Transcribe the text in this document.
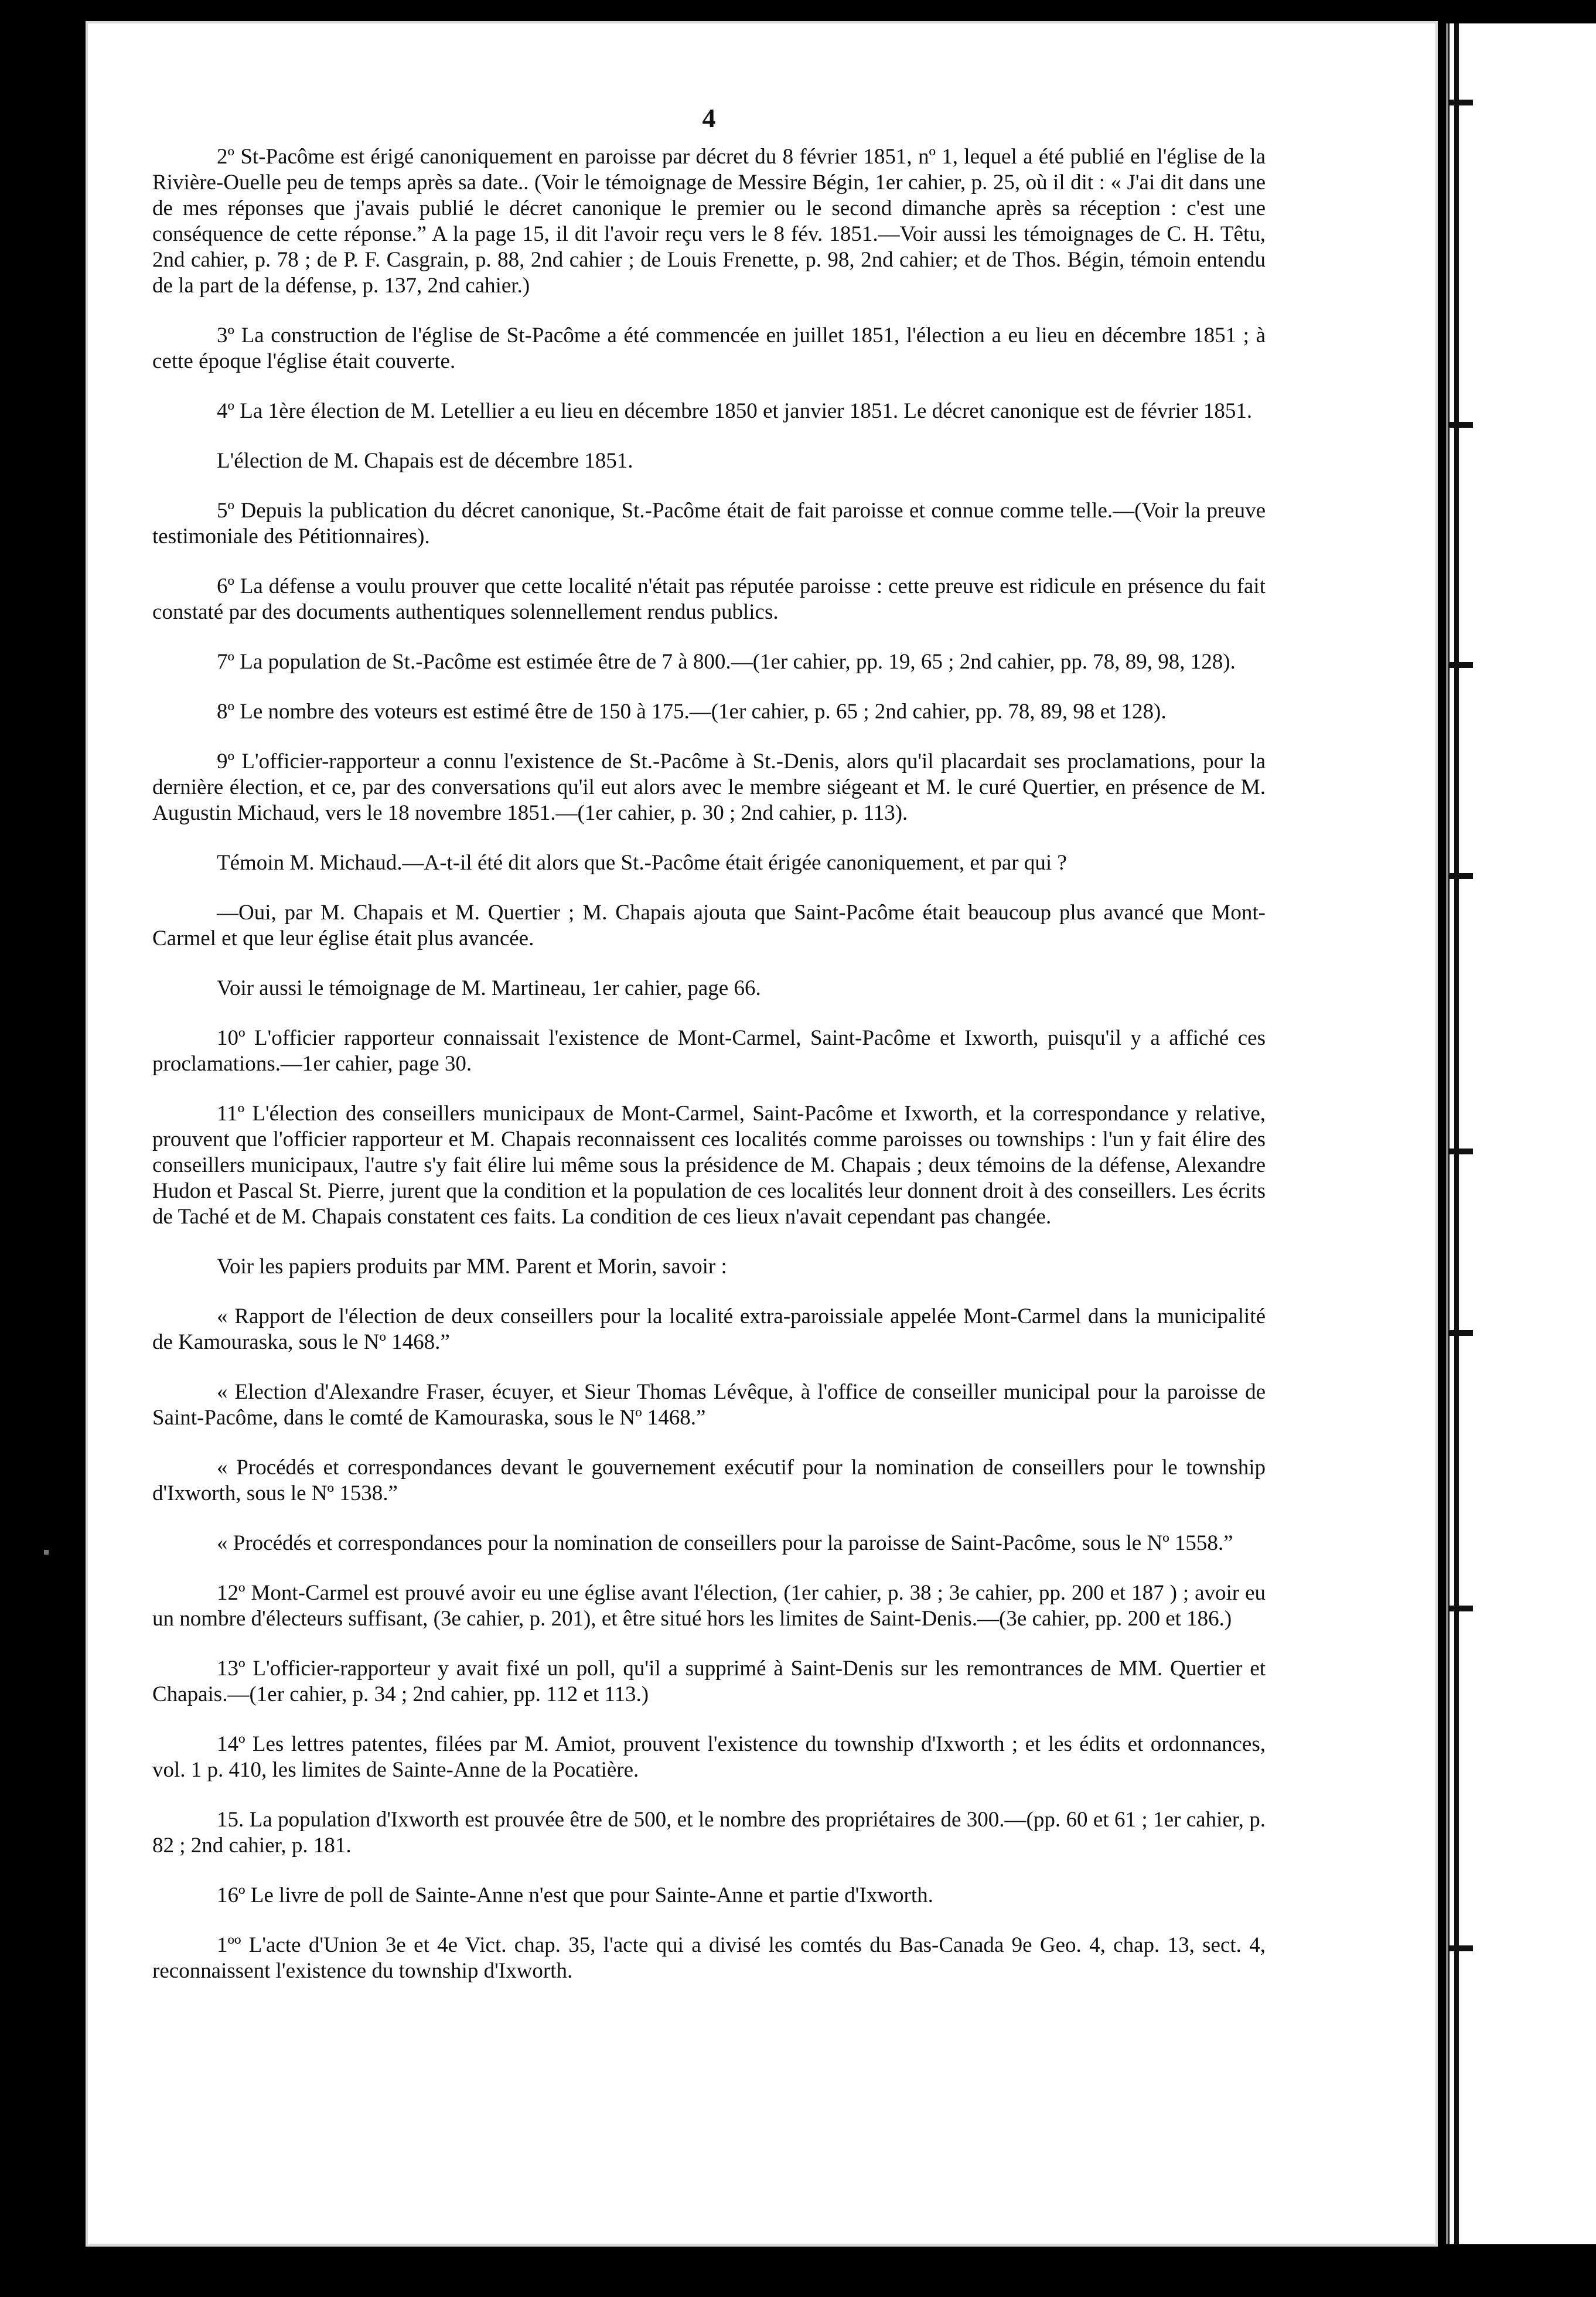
4

2º St-Pacôme est érigé canoniquement en paroisse par décret du 8 février 1851, nº 1, lequel a été publié en l'église de la Rivière-Ouelle peu de temps après sa date.. (Voir le témoignage de Messire Bégin, 1er cahier, p. 25, où il dit : « J'ai dit dans une de mes réponses que j'avais publié le décret canonique le premier ou le second dimanche après sa réception : c'est une conséquence de cette réponse.” A la page 15, il dit l'avoir reçu vers le 8 fév. 1851.—Voir aussi les témoignages de C. H. Têtu, 2nd cahier, p. 78 ; de P. F. Casgrain, p. 88, 2nd cahier ; de Louis Frenette, p. 98, 2nd cahier; et de Thos. Bégin, témoin entendu de la part de la défense, p. 137, 2nd cahier.)

3º La construction de l'église de St-Pacôme a été commencée en juillet 1851, l'élection a eu lieu en décembre 1851 ; à cette époque l'église était couverte.

4º La 1ère élection de M. Letellier a eu lieu en décembre 1850 et janvier 1851. Le décret canonique est de février 1851.

L'élection de M. Chapais est de décembre 1851.

5º Depuis la publication du décret canonique, St.-Pacôme était de fait paroisse et connue comme telle.—(Voir la preuve testimoniale des Pétitionnaires).

6º La défense a voulu prouver que cette localité n'était pas réputée paroisse : cette preuve est ridicule en présence du fait constaté par des documents authentiques solennellement rendus publics.

7º La population de St.-Pacôme est estimée être de 7 à 800.—(1er cahier, pp. 19, 65 ; 2nd cahier, pp. 78, 89, 98, 128).

8º Le nombre des voteurs est estimé être de 150 à 175.—(1er cahier, p. 65 ; 2nd cahier, pp. 78, 89, 98 et 128).

9º L'officier-rapporteur a connu l'existence de St.-Pacôme à St.-Denis, alors qu'il placardait ses proclamations, pour la dernière élection, et ce, par des conversations qu'il eut alors avec le membre siégeant et M. le curé Quertier, en présence de M. Augustin Michaud, vers le 18 novembre 1851.—(1er cahier, p. 30 ; 2nd cahier, p. 113).

Témoin M. Michaud.—A-t-il été dit alors que St.-Pacôme était érigée canoniquement, et par qui ?

—Oui, par M. Chapais et M. Quertier ; M. Chapais ajouta que Saint-Pacôme était beaucoup plus avancé que Mont-Carmel et que leur église était plus avancée.

Voir aussi le témoignage de M. Martineau, 1er cahier, page 66.

10º L'officier rapporteur connaissait l'existence de Mont-Carmel, Saint-Pacôme et Ixworth, puisqu'il y a affiché ces proclamations.—1er cahier, page 30.

11º L'élection des conseillers municipaux de Mont-Carmel, Saint-Pacôme et Ixworth, et la correspondance y relative, prouvent que l'officier rapporteur et M. Chapais reconnaissent ces localités comme paroisses ou townships : l'un y fait élire des conseillers municipaux, l'autre s'y fait élire lui même sous la présidence de M. Chapais ; deux témoins de la défense, Alexandre Hudon et Pascal St. Pierre, jurent que la condition et la population de ces localités leur donnent droit à des conseillers. Les écrits de Taché et de M. Chapais constatent ces faits. La condition de ces lieux n'avait cependant pas changée.

Voir les papiers produits par MM. Parent et Morin, savoir :

« Rapport de l'élection de deux conseillers pour la localité extra-paroissiale appelée Mont-Carmel dans la municipalité de Kamouraska, sous le Nº 1468.”

« Election d'Alexandre Fraser, écuyer, et Sieur Thomas Lévêque, à l'office de conseiller municipal pour la paroisse de Saint-Pacôme, dans le comté de Kamouraska, sous le Nº 1468.”

« Procédés et correspondances devant le gouvernement exécutif pour la nomination de conseillers pour le township d'Ixworth, sous le Nº 1538.”

« Procédés et correspondances pour la nomination de conseillers pour la paroisse de Saint-Pacôme, sous le Nº 1558.”

12º Mont-Carmel est prouvé avoir eu une église avant l'élection, (1er cahier, p. 38 ; 3e cahier, pp. 200 et 187 ) ; avoir eu un nombre d'électeurs suffisant, (3e cahier, p. 201), et être situé hors les limites de Saint-Denis.—(3e cahier, pp. 200 et 186.)

13º L'officier-rapporteur y avait fixé un poll, qu'il a supprimé à Saint-Denis sur les remontrances de MM. Quertier et Chapais.—(1er cahier, p. 34 ; 2nd cahier, pp. 112 et 113.)

14º Les lettres patentes, filées par M. Amiot, prouvent l'existence du township d'Ixworth ; et les édits et ordonnances, vol. 1 p. 410, les limites de Sainte-Anne de la Pocatière.

15. La population d'Ixworth est prouvée être de 500, et le nombre des propriétaires de 300.—(pp. 60 et 61 ; 1er cahier, p. 82 ; 2nd cahier, p. 181.

16º Le livre de poll de Sainte-Anne n'est que pour Sainte-Anne et partie d'Ixworth.

1ºº L'acte d'Union 3e et 4e Vict. chap. 35, l'acte qui a divisé les comtés du Bas-Canada 9e Geo. 4, chap. 13, sect. 4, reconnaissent l'existence du township d'Ixworth.
